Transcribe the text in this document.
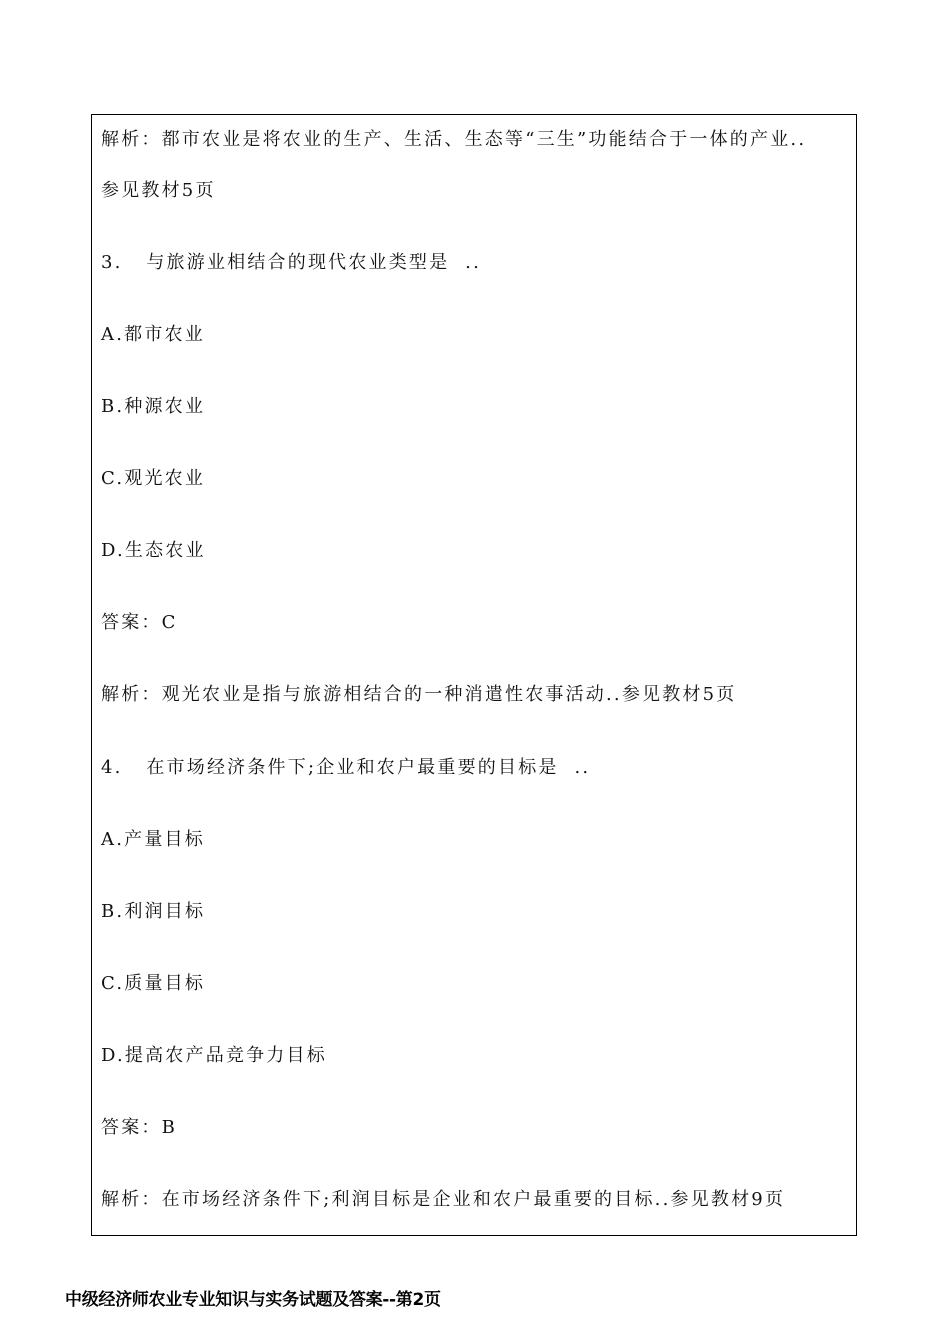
解析：都市农业是将农业的生产、生活、生态等“三生”功能结合于一体的产业..
参见教材5页
3.   与旅游业相结合的现代农业类型是  ..
A.都市农业
B.种源农业
C.观光农业
D.生态农业
答案：C
解析：观光农业是指与旅游相结合的一种消遣性农事活动..参见教材5页
4.   在市场经济条件下;企业和农户最重要的目标是  ..
A.产量目标
B.利润目标
C.质量目标
D.提高农产品竞争力目标
答案：B
解析：在市场经济条件下;利润目标是企业和农户最重要的目标..参见教材9页
中级经济师农业专业知识与实务试题及答案--第2页
